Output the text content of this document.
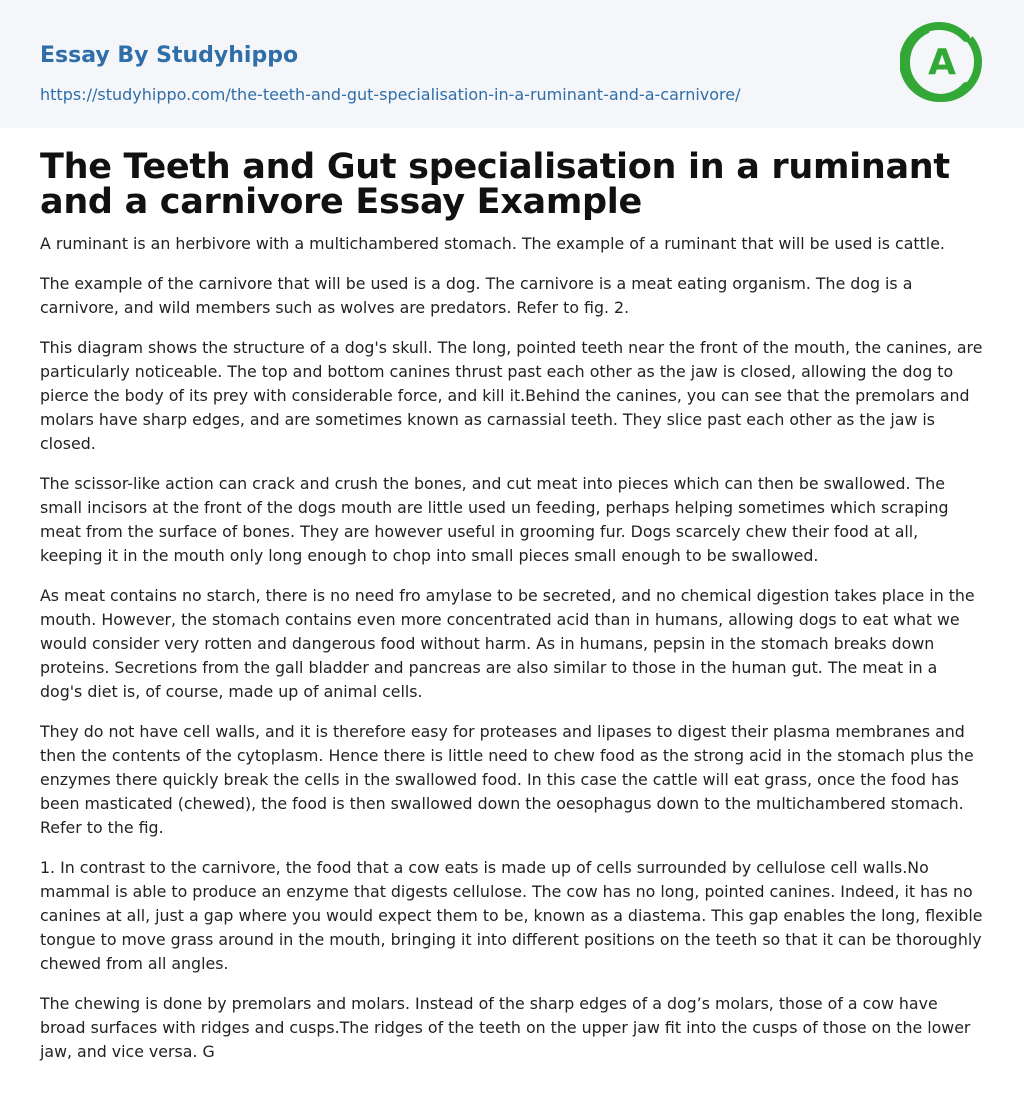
Essay By Studyhippo
https://studyhippo.com/the-teeth-and-gut-specialisation-in-a-ruminant-and-a-carnivore/
A
The Teeth and Gut specialisation in a ruminant and a carnivore Essay Example

A ruminant is an herbivore with a multichambered stomach. The example of a ruminant that will be used is cattle.

The example of the carnivore that will be used is a dog. The carnivore is a meat eating organism. The dog is a carnivore, and wild members such as wolves are predators. Refer to fig. 2.

This diagram shows the structure of a dog's skull. The long, pointed teeth near the front of the mouth, the canines, are particularly noticeable. The top and bottom canines thrust past each other as the jaw is closed, allowing the dog to pierce the body of its prey with considerable force, and kill it.Behind the canines, you can see that the premolars and molars have sharp edges, and are sometimes known as carnassial teeth. They slice past each other as the jaw is closed.

The scissor-like action can crack and crush the bones, and cut meat into pieces which can then be swallowed. The small incisors at the front of the dogs mouth are little used un feeding, perhaps helping sometimes which scraping meat from the surface of bones. They are however useful in grooming fur. Dogs scarcely chew their food at all, keeping it in the mouth only long enough to chop into small pieces small enough to be swallowed.

As meat contains no starch, there is no need fro amylase to be secreted, and no chemical digestion takes place in the mouth. However, the stomach contains even more concentrated acid than in humans, allowing dogs to eat what we would consider very rotten and dangerous food without harm. As in humans, pepsin in the stomach breaks down proteins. Secretions from the gall bladder and pancreas are also similar to those in the human gut. The meat in a dog's diet is, of course, made up of animal cells.

They do not have cell walls, and it is therefore easy for proteases and lipases to digest their plasma membranes and then the contents of the cytoplasm. Hence there is little need to chew food as the strong acid in the stomach plus the enzymes there quickly break the cells in the swallowed food. In this case the cattle will eat grass, once the food has been masticated (chewed), the food is then swallowed down the oesophagus down to the multichambered stomach. Refer to the fig.

1. In contrast to the carnivore, the food that a cow eats is made up of cells surrounded by cellulose cell walls.No mammal is able to produce an enzyme that digests cellulose. The cow has no long, pointed canines. Indeed, it has no canines at all, just a gap where you would expect them to be, known as a diastema. This gap enables the long, flexible tongue to move grass around in the mouth, bringing it into different positions on the teeth so that it can be thoroughly chewed from all angles.

The chewing is done by premolars and molars. Instead of the sharp edges of a dog’s molars, those of a cow have broad surfaces with ridges and cusps.The ridges of the teeth on the upper jaw fit into the cusps of those on the lower jaw, and vice versa. G
